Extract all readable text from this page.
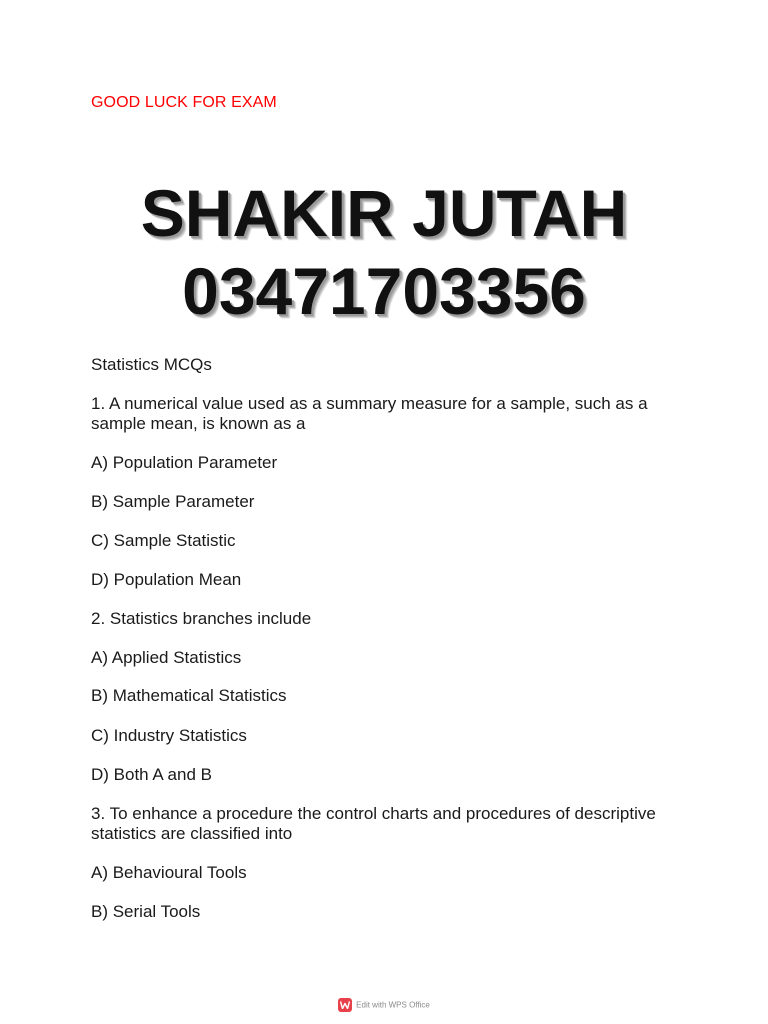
GOOD LUCK FOR EXAM
SHAKIR JUTAH
03471703356
Statistics MCQs
1. A numerical value used as a summary measure for a sample, such as a
sample mean, is known as a
A) Population Parameter
B) Sample Parameter
C) Sample Statistic
D) Population Mean
2. Statistics branches include
A) Applied Statistics
B) Mathematical Statistics
C) Industry Statistics
D) Both A and B
3. To enhance a procedure the control charts and procedures of descriptive
statistics are classified into
A) Behavioural Tools
B) Serial Tools
Edit with WPS Office
